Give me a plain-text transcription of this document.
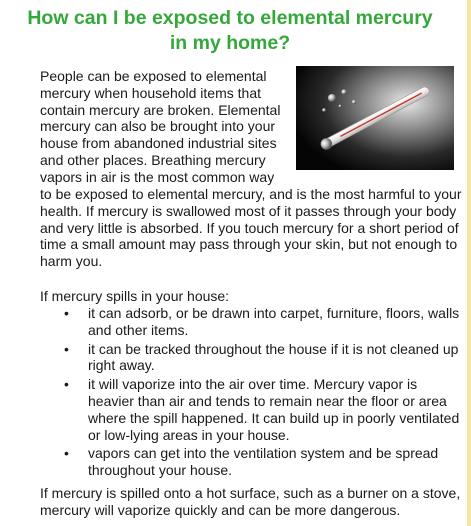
How can I be exposed to elemental mercury in my home?
People can be exposed to elemental mercury when household items that contain mercury are broken. Elemental mercury can also be brought into your house from abandoned industrial sites and other places. Breathing mercury vapors in air is the most common way
to be exposed to elemental mercury, and is the most harmful to your health. If mercury is swallowed most of it passes through your body and very little is absorbed. If you touch mercury for a short period of time a small amount may pass through your skin, but not enough to harm you.
If mercury spills in your house:
• it can adsorb, or be drawn into carpet, furniture, floors, walls and other items.
• it can be tracked throughout the house if it is not cleaned up right away.
• it will vaporize into the air over time. Mercury vapor is heavier than air and tends to remain near the floor or area where the spill happened. It can build up in poorly ventilated or low-lying areas in your house.
• vapors can get into the ventilation system and be spread throughout your house.
If mercury is spilled onto a hot surface, such as a burner on a stove, mercury will vaporize quickly and can be more dangerous.
